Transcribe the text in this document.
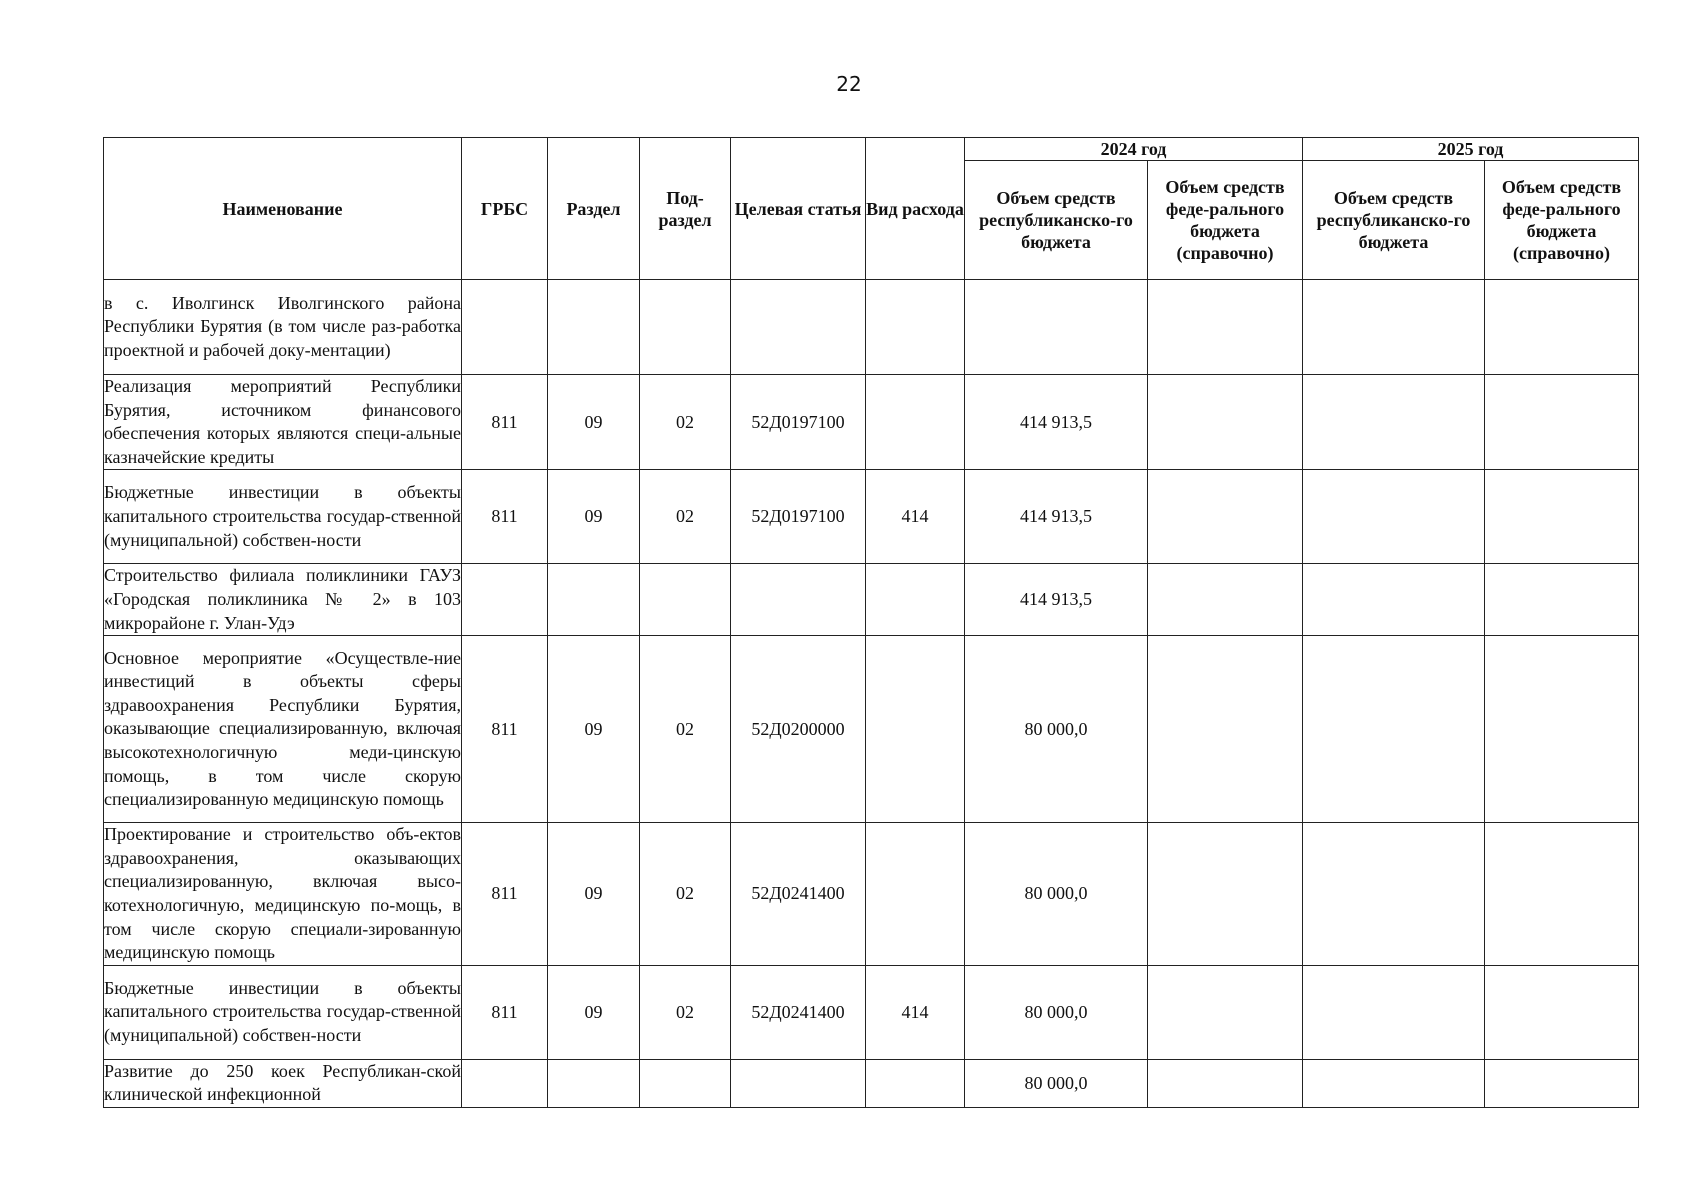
22
Наименование	ГРБС	Раздел	Под-раздел	Целевая статья	Вид расхода	2024 год		2025 год	
						Объем средств республиканско-го бюджета	Объем средств феде-рального бюджета (справочно)	Объем средств республиканско-го бюджета	Объем средств феде-рального бюджета (справочно)
в с. Иволгинск Иволгинского района Республики Бурятия (в том числе раз-работка проектной и рабочей доку-ментации)									
Реализация мероприятий Республики Бурятия, источником финансового обеспечения которых являются специ-альные казначейские кредиты	811	09	02	52Д0197100		414 913,5			
Бюджетные инвестиции в объекты капитального строительства государ-ственной (муниципальной) собствен-ности	811	09	02	52Д0197100	414	414 913,5			
Строительство филиала поликлиники ГАУЗ «Городская поликлиника № 2» в 103 микрорайоне г. Улан-Удэ						414 913,5			
Основное мероприятие «Осуществле-ние инвестиций в объекты сферы здравоохранения Республики Бурятия, оказывающие специализированную, включая высокотехнологичную меди-цинскую помощь, в том числе скорую специализированную медицинскую помощь	811	09	02	52Д0200000		80 000,0			
Проектирование и строительство объ-ектов здравоохранения, оказывающих специализированную, включая высо-котехнологичную, медицинскую по-мощь, в том числе скорую специали-зированную медицинскую помощь	811	09	02	52Д0241400		80 000,0			
Бюджетные инвестиции в объекты капитального строительства государ-ственной (муниципальной) собствен-ности	811	09	02	52Д0241400	414	80 000,0			
Развитие до 250 коек Республикан-ской клинической инфекционной						80 000,0			
